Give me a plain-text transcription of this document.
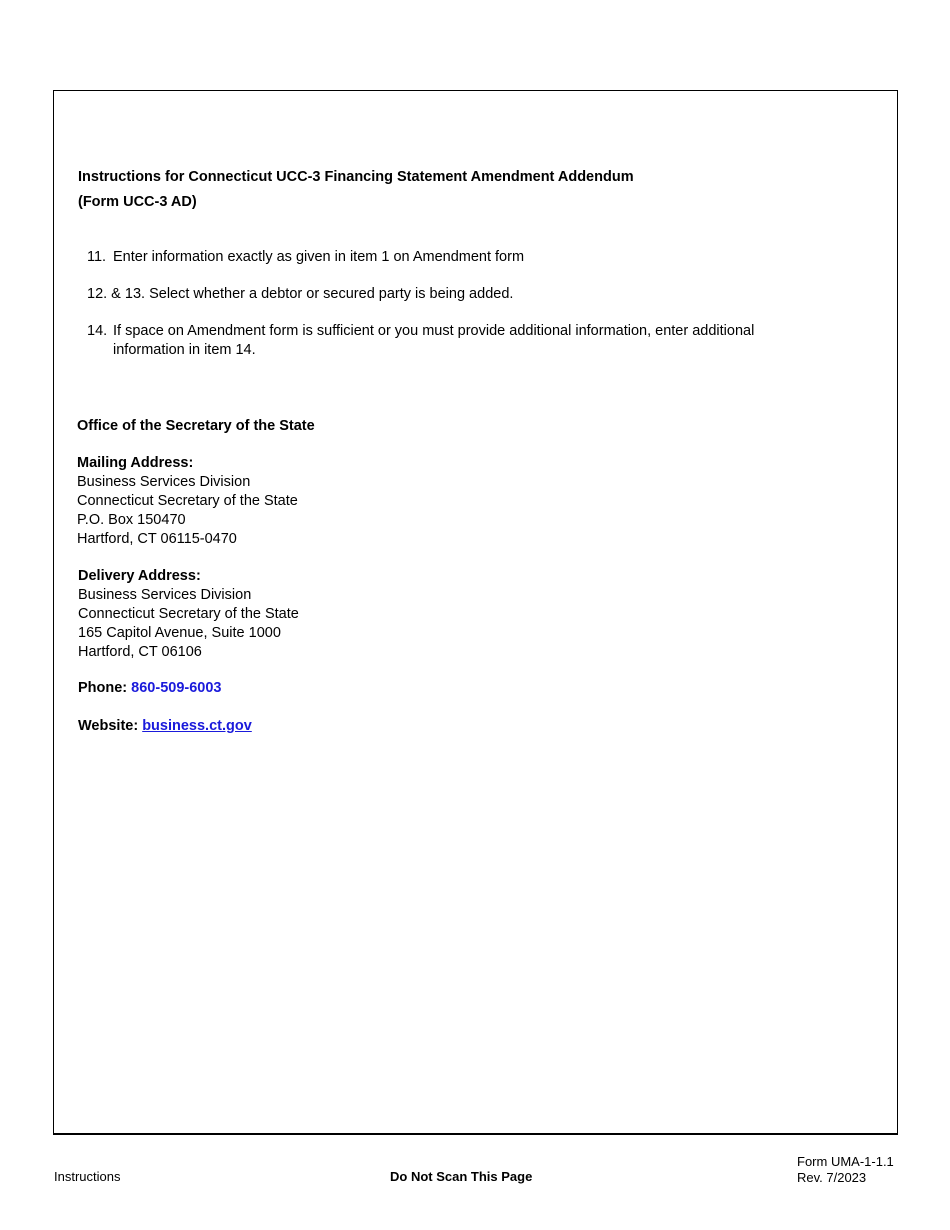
Instructions for Connecticut UCC-3 Financing Statement Amendment Addendum
(Form UCC-3 AD)
11. Enter information exactly as given in item 1 on Amendment form
12. & 13. Select whether a debtor or secured party is being added.
14. If space on Amendment form is sufficient or you must provide additional information, enter additional information in item 14.
Office of the Secretary of the State
Mailing Address:
Business Services Division
Connecticut Secretary of the State
P.O. Box 150470
Hartford, CT 06115-0470
Delivery Address:
Business Services Division
Connecticut Secretary of the State
165 Capitol Avenue, Suite 1000
Hartford, CT 06106
Phone: 860-509-6003
Website: business.ct.gov
Instructions	Do Not Scan This Page
Form UMA-1-1.1
Rev. 7/2023
